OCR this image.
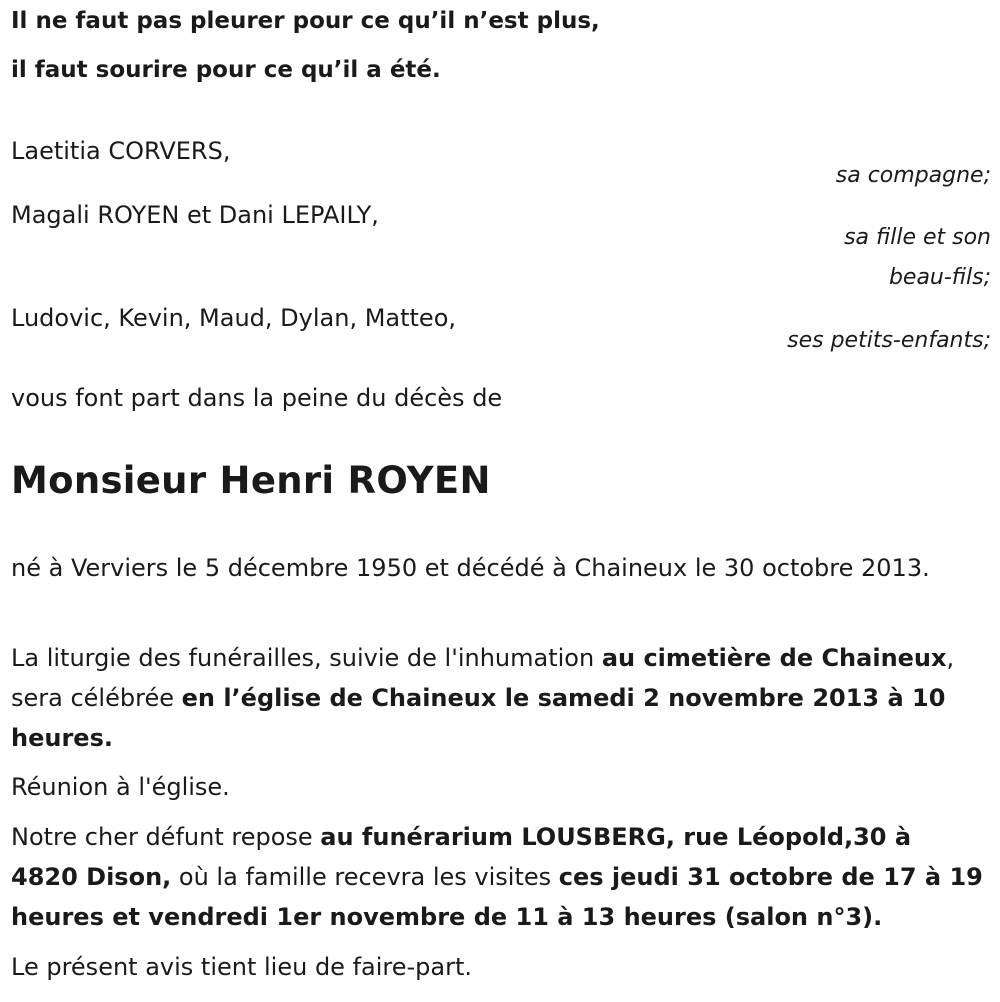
Il ne faut pas pleurer pour ce qu’il n’est plus,
il faut sourire pour ce qu’il a été.
Laetitia CORVERS,
sa compagne;
Magali ROYEN et Dani LEPAILY,
sa fille et son
beau-fils;
Ludovic, Kevin, Maud, Dylan, Matteo,
ses petits-enfants;
vous font part dans la peine du décès de
Monsieur Henri ROYEN
né à Verviers le 5 décembre 1950 et décédé à Chaineux le 30 octobre 2013.
La liturgie des funérailles, suivie de l'inhumation au cimetière de Chaineux, sera célébrée en l’église de Chaineux le samedi 2 novembre 2013 à 10 heures.
Réunion à l'église.
Notre cher défunt repose au funérarium LOUSBERG, rue Léopold,30 à 4820 Dison, où la famille recevra les visites ces jeudi 31 octobre de 17 à 19 heures et vendredi 1er novembre de 11 à 13 heures (salon n°3).
Le présent avis tient lieu de faire-part.
